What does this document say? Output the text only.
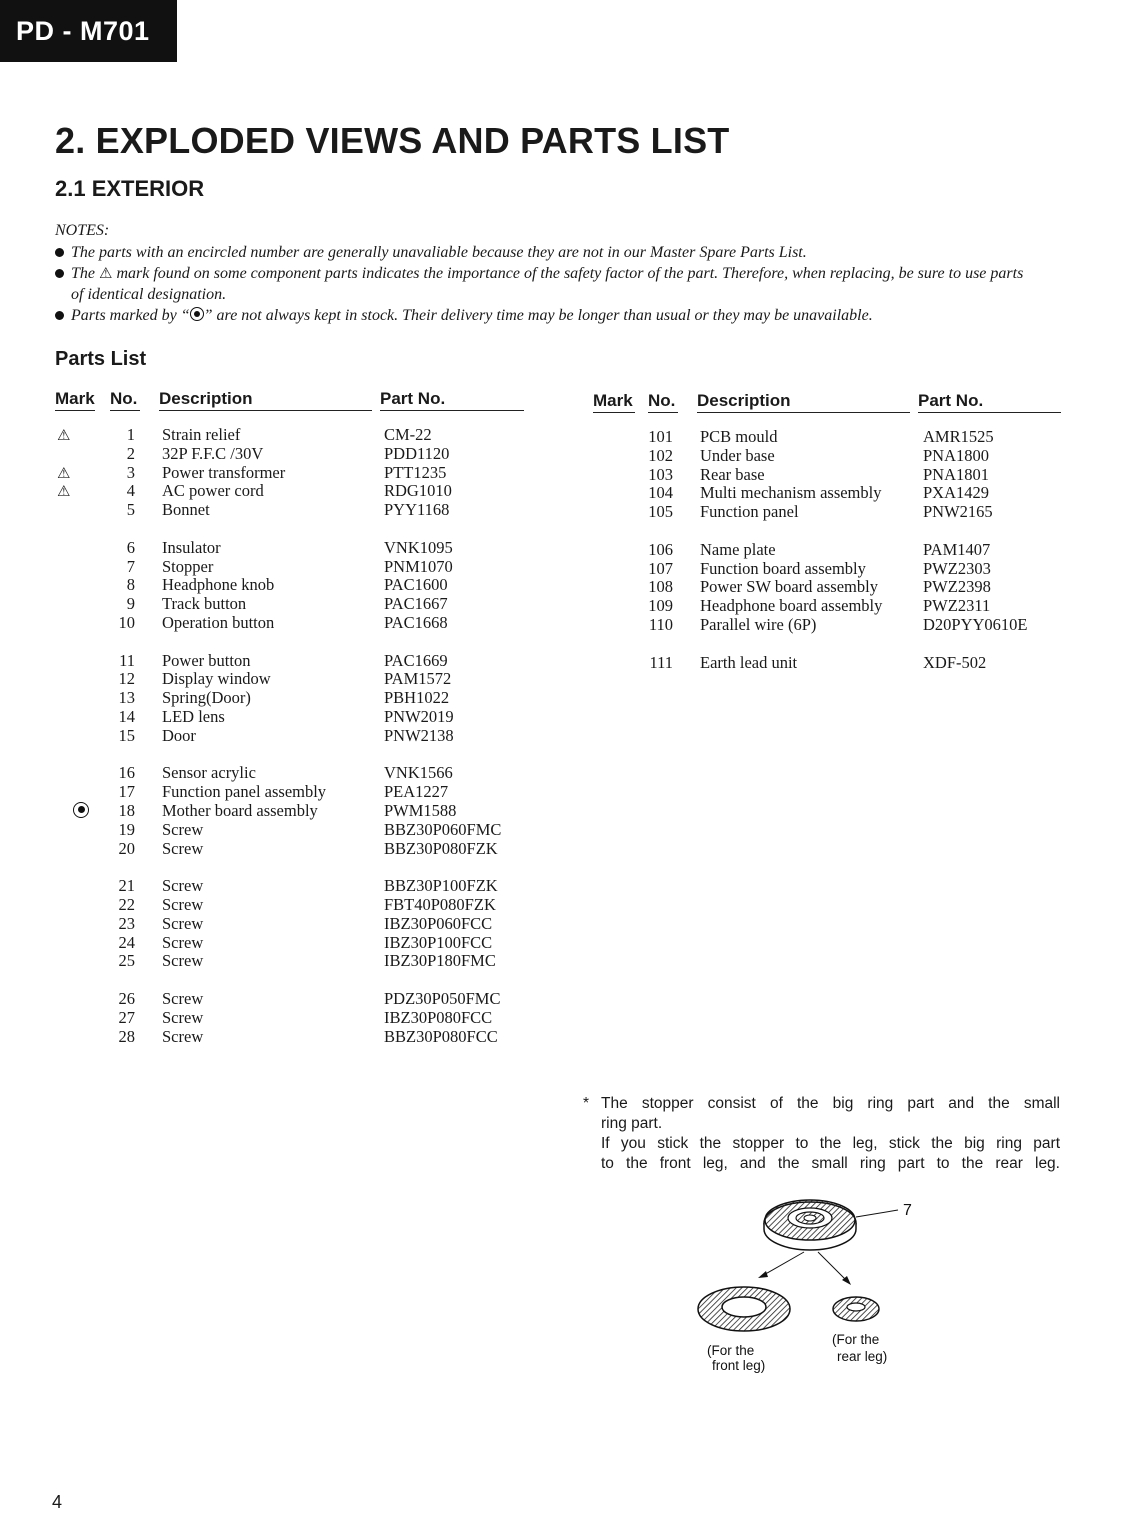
PD - M701
2. EXPLODED VIEWS AND PARTS LIST
2.1 EXTERIOR
NOTES:
The parts with an encircled number are generally unavaliable because they are not in our Master Spare Parts List.
The ⚠ mark found on some component parts indicates the importance of the safety factor of the part. Therefore, when replacing, be sure to use parts of identical designation.
Parts marked by “ ” are not always kept in stock. Their delivery time may be longer than usual or they may be unavailable.
Parts List
Mark No. Description	Part No.
⚠	1 Strain relief	CM-22
2 32P F.F.C /30V	PDD1120
⚠	3 Power transformer	PTT1235
⚠	4 AC power cord	RDG1010
5 Bonnet	PYY1168
6 Insulator	VNK1095
7 Stopper	PNM1070
8 Headphone knob	PAC1600
9 Track button	PAC1667
10 Operation button	PAC1668
11 Power button	PAC1669
12 Display window	PAM1572
13 Spring(Door)	PBH1022
14 LED lens	PNW2019
15 Door	PNW2138
16 Sensor acrylic	VNK1566
17 Function panel assembly	PEA1227
18 Mother board assembly	PWM1588
19 Screw	BBZ30P060FMC
20 Screw	BBZ30P080FZK
21 Screw	BBZ30P100FZK
22 Screw	FBT40P080FZK
23 Screw	IBZ30P060FCC
24 Screw	IBZ30P100FCC
25 Screw	IBZ30P180FMC
26 Screw	PDZ30P050FMC
27 Screw	IBZ30P080FCC
28 Screw	BBZ30P080FCC
Mark No. Description	Part No.
101 PCB mould	AMR1525
102 Under base	PNA1800
103 Rear base	PNA1801
104 Multi mechanism assembly	PXA1429
105 Function panel	PNW2165
106 Name plate	PAM1407
107 Function board assembly	PWZ2303
108 Power SW board assembly	PWZ2398
109 Headphone board assembly PWZ2311
110 Parallel wire (6P)	D20PYY0610E
111 Earth lead unit	XDF-502
* The stopper consist of the big ring part and the small

ring part.

If you stick the stopper to the leg, stick the big ring part

to the front leg, and the small ring part to the rear leg.

7
(For the
front leg)
(For the
rear leg)
4
